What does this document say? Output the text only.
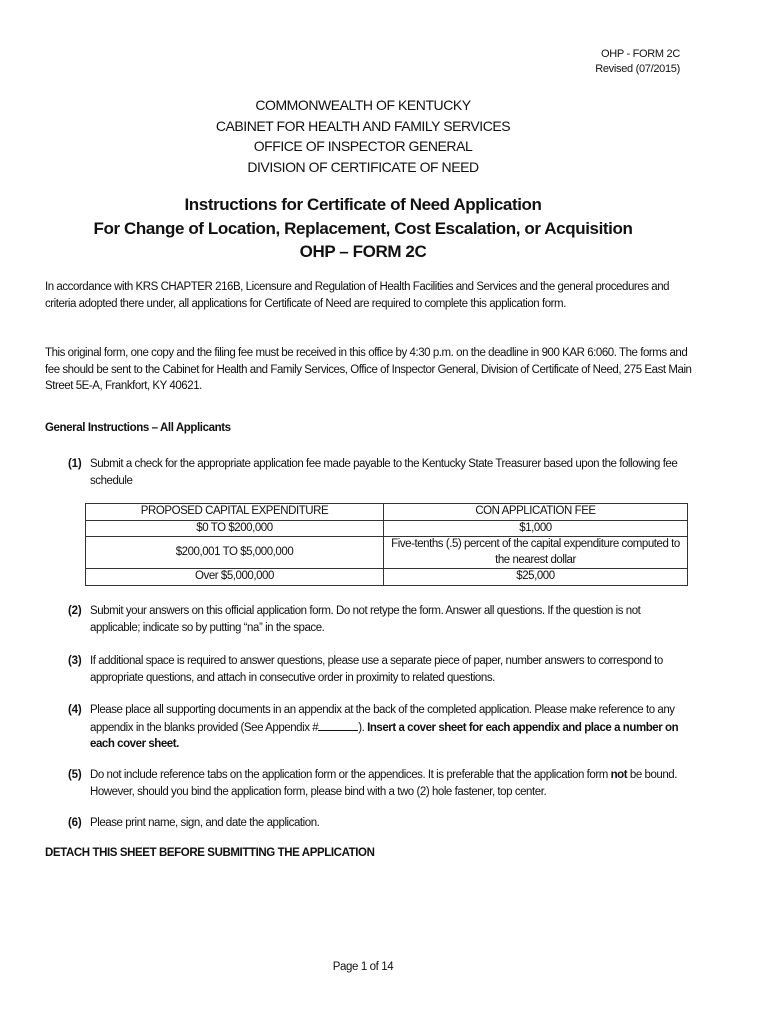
OHP - FORM 2C
Revised (07/2015)
COMMONWEALTH OF KENTUCKY
CABINET FOR HEALTH AND FAMILY SERVICES
OFFICE OF INSPECTOR GENERAL
DIVISION OF CERTIFICATE OF NEED
Instructions for Certificate of Need Application
For Change of Location, Replacement, Cost Escalation, or Acquisition
OHP – FORM 2C
In accordance with KRS CHAPTER 216B, Licensure and Regulation of Health Facilities and Services and the general procedures and criteria adopted there under, all applications for Certificate of Need are required to complete this application form.
This original form, one copy and the filing fee must be received in this office by 4:30 p.m. on the deadline in 900 KAR 6:060. The forms and fee should be sent to the Cabinet for Health and Family Services, Office of Inspector General, Division of Certificate of Need, 275 East Main Street 5E-A, Frankfort, KY 40621.
General Instructions – All Applicants
(1) Submit a check for the appropriate application fee made payable to the Kentucky State Treasurer based upon the following fee schedule
PROPOSED CAPITAL EXPENDITURE	CON APPLICATION FEE
$0 TO $200,000	$1,000
$200,001 TO $5,000,000	Five-tenths (.5) percent of the capital expenditure computed to the nearest dollar
Over $5,000,000	$25,000
(2) Submit your answers on this official application form. Do not retype the form. Answer all questions. If the question is not applicable; indicate so by putting “na” in the space.
(3) If additional space is required to answer questions, please use a separate piece of paper, number answers to correspond to appropriate questions, and attach in consecutive order in proximity to related questions.
(4) Please place all supporting documents in an appendix at the back of the completed application. Please make reference to any appendix in the blanks provided (See Appendix #	). Insert a cover sheet for each appendix and place a number on each cover sheet.
(5) Do not include reference tabs on the application form or the appendices. It is preferable that the application form not be bound. However, should you bind the application form, please bind with a two (2) hole fastener, top center.
(6) Please print name, sign, and date the application.
DETACH THIS SHEET BEFORE SUBMITTING THE APPLICATION
Page 1 of 14
